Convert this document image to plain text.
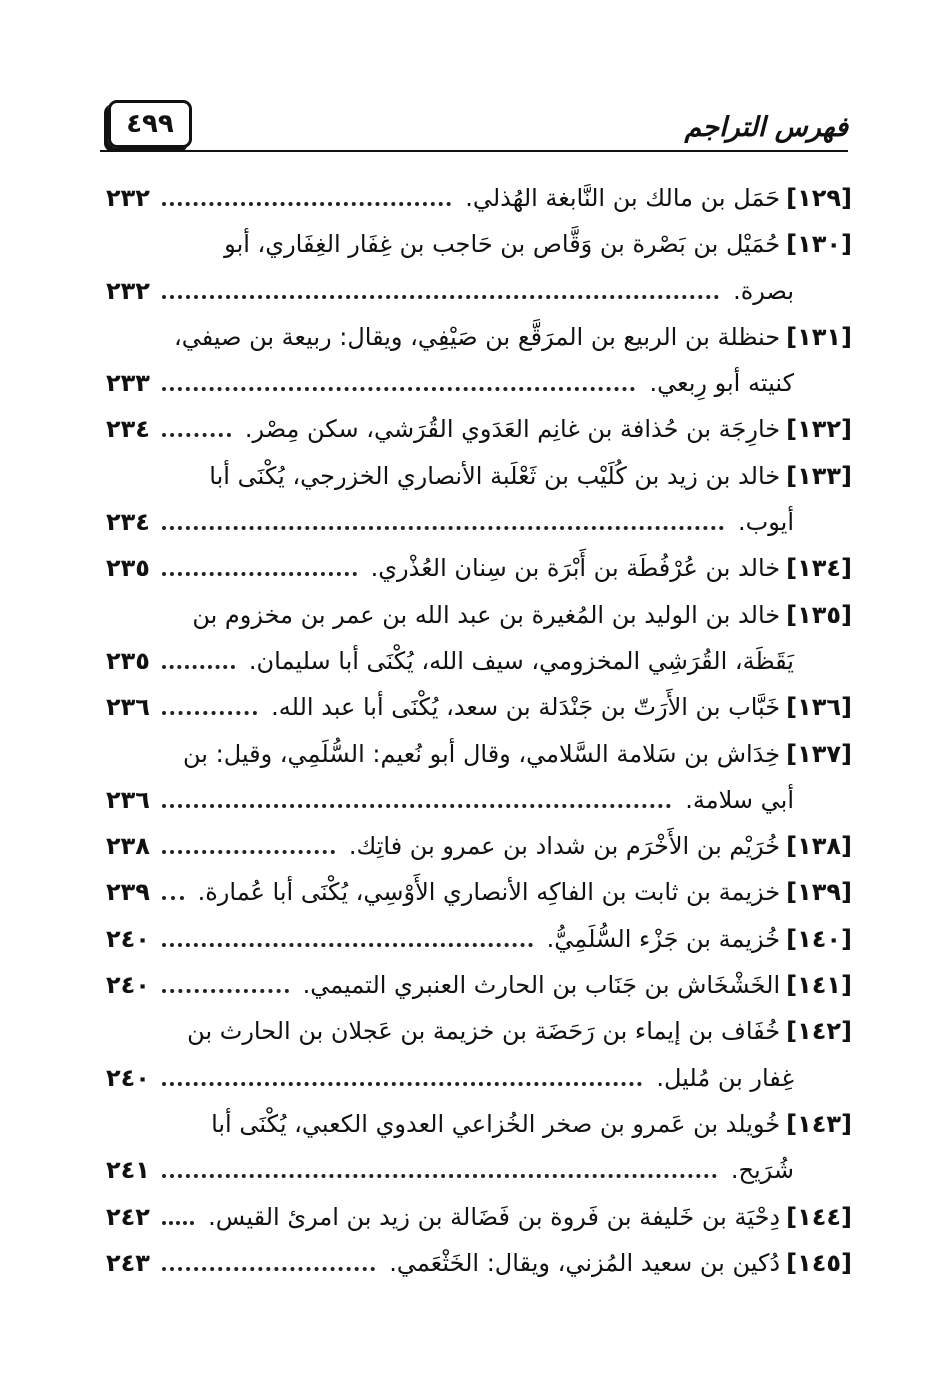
٤٩٩	فهرس التراجم
[١٢٩]حَمَل بن مالك بن النَّابغة الهُذلي.
٢٣٢
[١٣٠]حُمَيْل بن بَصْرة بن وَقَّاص بن حَاجب بن غِفَار الغِفَاري، أبو
بصرة.
٢٣٢
[١٣١]حنظلة بن الربيع بن المرَقَّع بن صَيْفِي، ويقال: ربيعة بن صيفي،
كنيته أبو رِبعي.
٢٣٣
[١٣٢]خارِجَة بن حُذافة بن غانِم العَدَوي القُرَشي، سكن مِصْر.
٢٣٤
[١٣٣]خالد بن زيد بن كُلَيْب بن ثَعْلَبة الأنصاري الخزرجي، يُكْنَى أبا
أيوب.
٢٣٤
[١٣٤]خالد بن عُرْفُطَة بن أَبْرَة بن سِنان العُذْري.
٢٣٥
[١٣٥]خالد بن الوليد بن المُغيرة بن عبد الله بن عمر بن مخزوم بن
يَقَظَة، القُرَشِي المخزومي، سيف الله، يُكْنَى أبا سليمان.
٢٣٥
[١٣٦]خَبَّاب بن الأَرَتّ بن جَنْدَلة بن سعد، يُكْنَى أبا عبد الله.
٢٣٦
[١٣٧]خِدَاش بن سَلامة السَّلامي، وقال أبو نُعيم: السُّلَمِي، وقيل: بن
أبي سلامة.
٢٣٦
[١٣٨]خُرَيْم بن الأَخْرَم بن شداد بن عمرو بن فاتِك.
٢٣٨
[١٣٩]خزيمة بن ثابت بن الفاكِه الأنصاري الأَوْسِي، يُكْنَى أبا عُمارة.
٢٣٩
[١٤٠]خُزيمة بن جَزْء السُّلَمِيُّ.
٢٤٠
[١٤١]الخَشْخَاش بن جَنَاب بن الحارث العنبري التميمي.
٢٤٠
[١٤٢]خُفَاف بن إيماء بن رَحَضَة بن خزيمة بن عَجلان بن الحارث بن
غِفار بن مُليل.
٢٤٠
[١٤٣]خُويلد بن عَمرو بن صخر الخُزاعي العدوي الكعبي، يُكْنَى أبا
شُرَيح.
٢٤١
[١٤٤]دِحْيَة بن خَليفة بن فَروة بن فَضَالة بن زيد بن امرئ القيس.
٢٤٢
[١٤٥]دُكين بن سعيد المُزني، ويقال: الخَثْعَمي.
٢٤٣
